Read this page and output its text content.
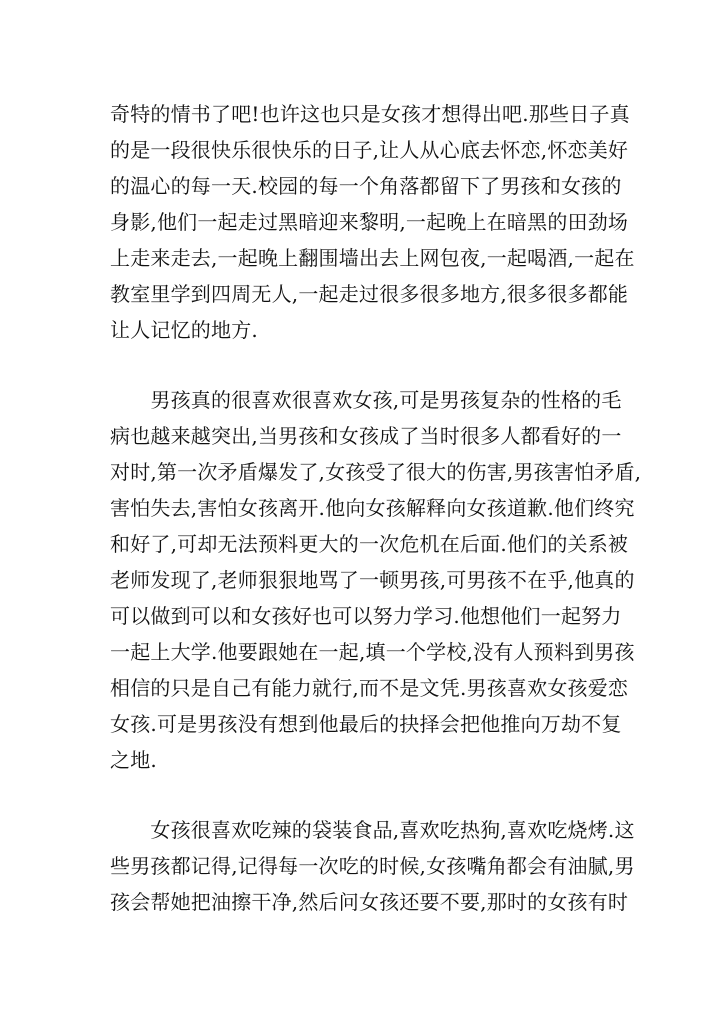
奇特的情书了吧!也许这也只是女孩才想得出吧.那些日子真
的是一段很快乐很快乐的日子,让人从心底去怀恋,怀恋美好
的温心的每一天.校园的每一个角落都留下了男孩和女孩的
身影,他们一起走过黑暗迎来黎明,一起晚上在暗黑的田劲场
上走来走去,一起晚上翻围墙出去上网包夜,一起喝酒,一起在
教室里学到四周无人,一起走过很多很多地方,很多很多都能
让人记忆的地方.
　　男孩真的很喜欢很喜欢女孩,可是男孩复杂的性格的毛
病也越来越突出,当男孩和女孩成了当时很多人都看好的一
对时,第一次矛盾爆发了,女孩受了很大的伤害,男孩害怕矛盾,
害怕失去,害怕女孩离开.他向女孩解释向女孩道歉.他们终究
和好了,可却无法预料更大的一次危机在后面.他们的关系被
老师发现了,老师狠狠地骂了一顿男孩,可男孩不在乎,他真的
可以做到可以和女孩好也可以努力学习.他想他们一起努力
一起上大学.他要跟她在一起,填一个学校,没有人预料到男孩
相信的只是自己有能力就行,而不是文凭.男孩喜欢女孩爱恋
女孩.可是男孩没有想到他最后的抉择会把他推向万劫不复
之地.
　　女孩很喜欢吃辣的袋装食品,喜欢吃热狗,喜欢吃烧烤.这
些男孩都记得,记得每一次吃的时候,女孩嘴角都会有油腻,男
孩会帮她把油擦干净,然后问女孩还要不要,那时的女孩有时
